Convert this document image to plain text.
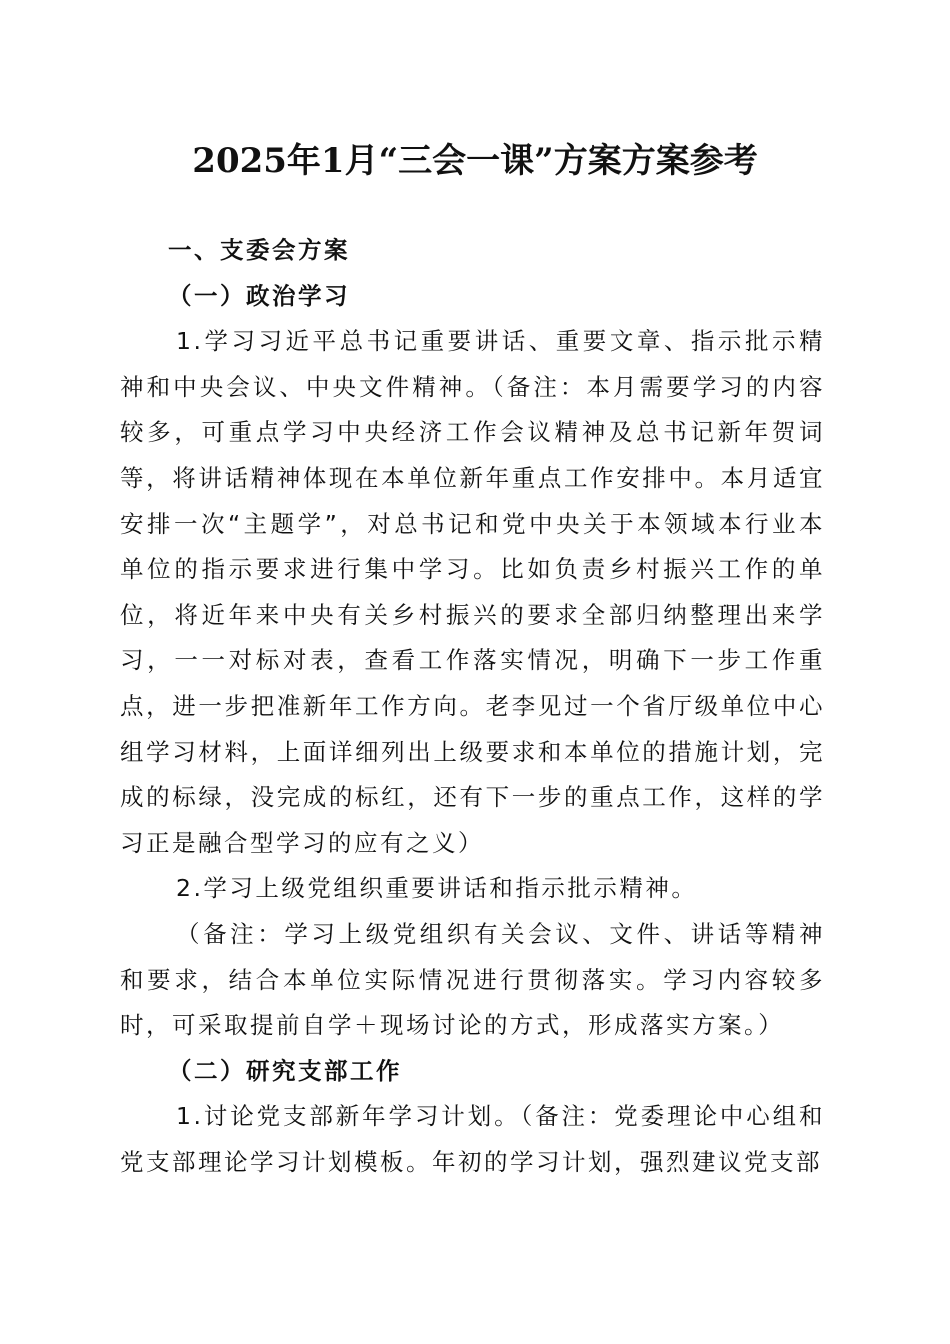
2025年1月“三会一课”方案方案参考

一、支委会方案

（一）政治学习

1.学习习近平总书记重要讲话、重要文章、指示批示精神和中央会议、中央文件精神。（备注：本月需要学习的内容较多，可重点学习中央经济工作会议精神及总书记新年贺词等，将讲话精神体现在本单位新年重点工作安排中。本月适宜安排一次“主题学”，对总书记和党中央关于本领域本行业本单位的指示要求进行集中学习。比如负责乡村振兴工作的单位，将近年来中央有关乡村振兴的要求全部归纳整理出来学习，一一对标对表，查看工作落实情况，明确下一步工作重点，进一步把准新年工作方向。老李见过一个省厅级单位中心组学习材料，上面详细列出上级要求和本单位的措施计划，完成的标绿，没完成的标红，还有下一步的重点工作，这样的学习正是融合型学习的应有之义）

2.学习上级党组织重要讲话和指示批示精神。

（备注：学习上级党组织有关会议、文件、讲话等精神和要求，结合本单位实际情况进行贯彻落实。学习内容较多时，可采取提前自学＋现场讨论的方式，形成落实方案。）

（二）研究支部工作

1.讨论党支部新年学习计划。（备注：党委理论中心组和党支部理论学习计划模板。年初的学习计划，强烈建议党支部
